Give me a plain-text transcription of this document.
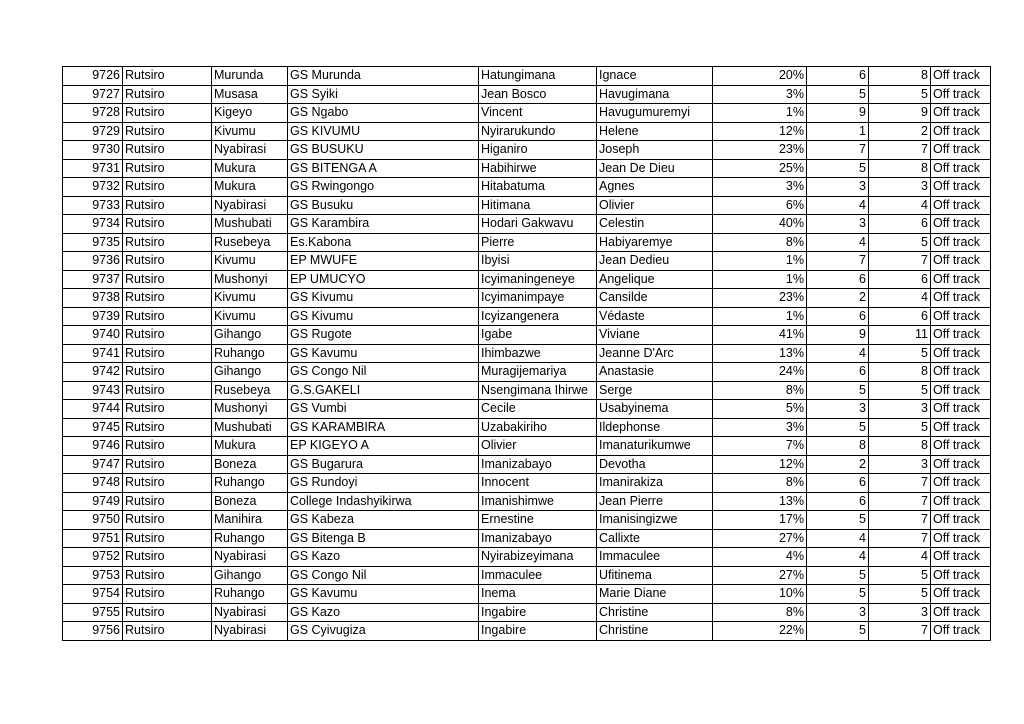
9726	Rutsiro	Murunda	GS Murunda	Hatungimana	Ignace	20%	6	8	Off track
9727	Rutsiro	Musasa	GS Syiki	Jean Bosco	Havugimana	3%	5	5	Off track
9728	Rutsiro	Kigeyo	GS Ngabo	Vincent	Havugumuremyi	1%	9	9	Off track
9729	Rutsiro	Kivumu	GS KIVUMU	Nyirarukundo	Helene	12%	1	2	Off track
9730	Rutsiro	Nyabirasi	GS BUSUKU	Higaniro	Joseph	23%	7	7	Off track
9731	Rutsiro	Mukura	GS BITENGA A	Habihirwe	Jean De Dieu	25%	5	8	Off track
9732	Rutsiro	Mukura	GS Rwingongo	Hitabatuma	Agnes	3%	3	3	Off track
9733	Rutsiro	Nyabirasi	GS Busuku	Hitimana	Olivier	6%	4	4	Off track
9734	Rutsiro	Mushubati	GS Karambira	Hodari Gakwavu	Celestin	40%	3	6	Off track
9735	Rutsiro	Rusebeya	Es.Kabona	Pierre	Habiyaremye	8%	4	5	Off track
9736	Rutsiro	Kivumu	EP MWUFE	Ibyisi	Jean Dedieu	1%	7	7	Off track
9737	Rutsiro	Mushonyi	EP UMUCYO	Icyimaningeneye	Angelique	1%	6	6	Off track
9738	Rutsiro	Kivumu	GS Kivumu	Icyimanimpaye	Cansilde	23%	2	4	Off track
9739	Rutsiro	Kivumu	GS Kivumu	Icyizangenera	Védaste	1%	6	6	Off track
9740	Rutsiro	Gihango	GS Rugote	Igabe	Viviane	41%	9	11	Off track
9741	Rutsiro	Ruhango	GS Kavumu	Ihimbazwe	Jeanne D'Arc	13%	4	5	Off track
9742	Rutsiro	Gihango	GS Congo Nil	Muragijemariya	Anastasie	24%	6	8	Off track
9743	Rutsiro	Rusebeya	G.S.GAKELI	Nsengimana Ihirwe	Serge	8%	5	5	Off track
9744	Rutsiro	Mushonyi	GS Vumbi	Cecile	Usabyinema	5%	3	3	Off track
9745	Rutsiro	Mushubati	GS KARAMBIRA	Uzabakiriho	Ildephonse	3%	5	5	Off track
9746	Rutsiro	Mukura	EP KIGEYO A	Olivier	Imanaturikumwe	7%	8	8	Off track
9747	Rutsiro	Boneza	GS Bugarura	Imanizabayo	Devotha	12%	2	3	Off track
9748	Rutsiro	Ruhango	GS Rundoyi	Innocent	Imanirakiza	8%	6	7	Off track
9749	Rutsiro	Boneza	College Indashyikirwa	Imanishimwe	Jean Pierre	13%	6	7	Off track
9750	Rutsiro	Manihira	GS Kabeza	Ernestine	Imanisingizwe	17%	5	7	Off track
9751	Rutsiro	Ruhango	GS Bitenga B	Imanizabayo	Callixte	27%	4	7	Off track
9752	Rutsiro	Nyabirasi	GS Kazo	Nyirabizeyimana	Immaculee	4%	4	4	Off track
9753	Rutsiro	Gihango	GS Congo Nil	Immaculee	Ufitinema	27%	5	5	Off track
9754	Rutsiro	Ruhango	GS Kavumu	Inema	Marie Diane	10%	5	5	Off track
9755	Rutsiro	Nyabirasi	GS Kazo	Ingabire	Christine	8%	3	3	Off track
9756	Rutsiro	Nyabirasi	GS Cyivugiza	Ingabire	Christine	22%	5	7	Off track
